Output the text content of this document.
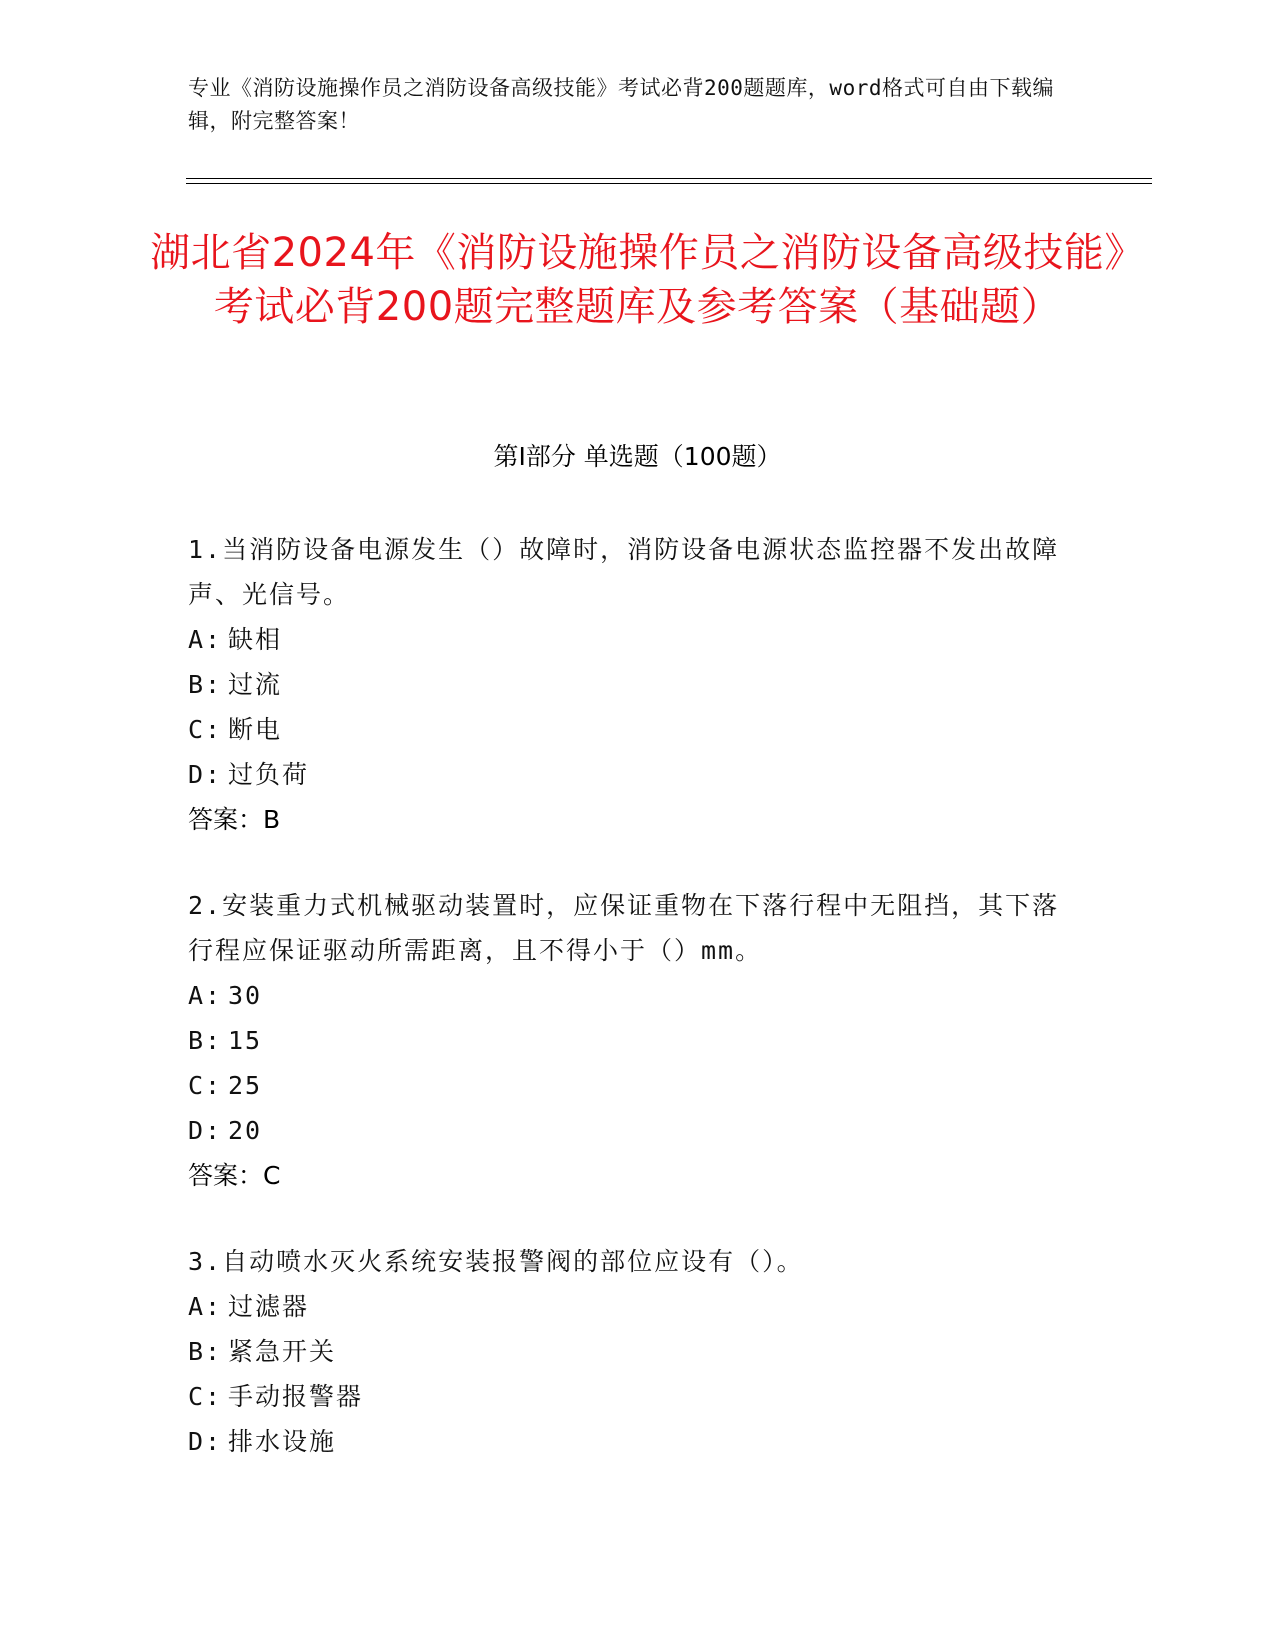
专业《消防设施操作员之消防设备高级技能》考试必背200题题库，word格式可自由下载编辑，附完整答案！
湖北省2024年《消防设施操作员之消防设备高级技能》考试必背200题完整题库及参考答案（基础题）
第I部分 单选题（100题）

1.当消防设备电源发生（）故障时，消防设备电源状态监控器不发出故障声、光信号。

A: 缺相

B: 过流

C: 断电

D: 过负荷

答案：B

2.安装重力式机械驱动装置时，应保证重物在下落行程中无阻挡，其下落行程应保证驱动所需距离，且不得小于（）mm。

A: 30

B: 15

C: 25

D: 20

答案：C

3.自动喷水灭火系统安装报警阀的部位应设有（）。

A: 过滤器

B: 紧急开关

C: 手动报警器

D: 排水设施
